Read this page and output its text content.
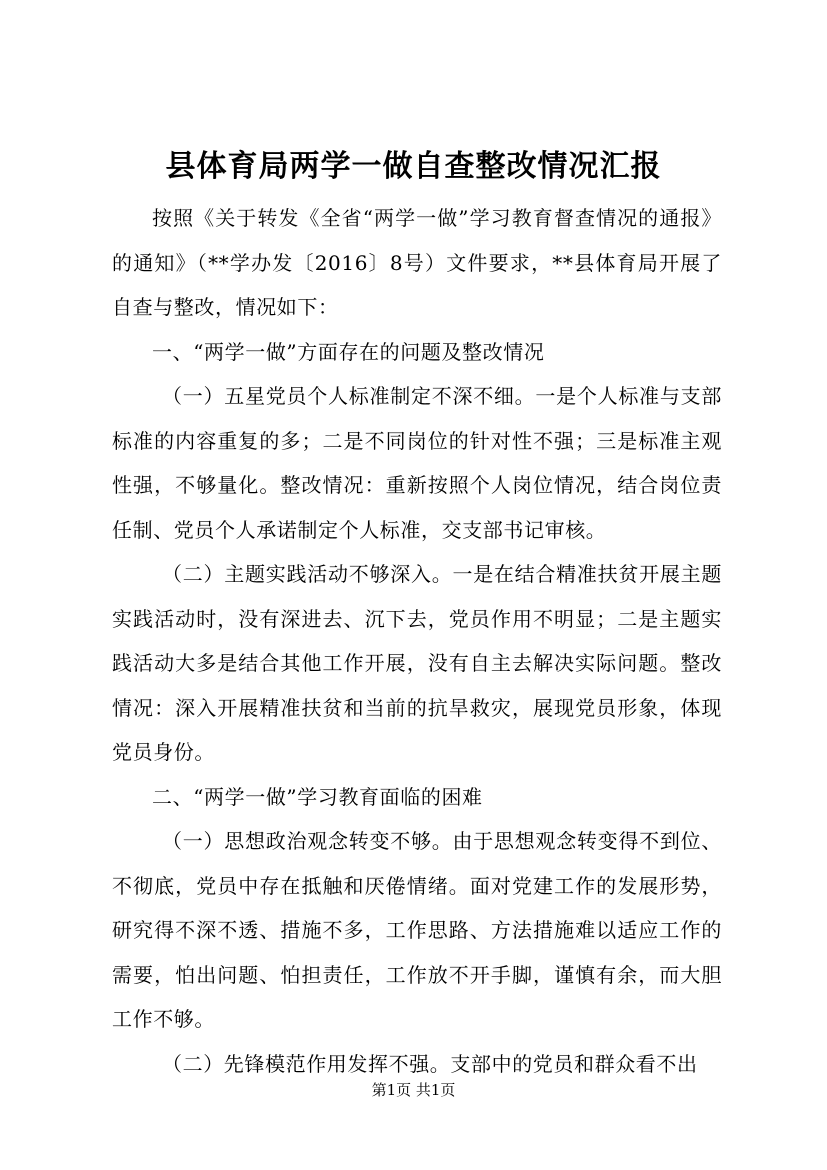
县体育局两学一做自查整改情况汇报

按照《关于转发《全省“两学一做”学习教育督查情况的通报》的通知》（**学办发〔2016〕8号）文件要求，**县体育局开展了自查与整改，情况如下：

一、“两学一做”方面存在的问题及整改情况

（一）五星党员个人标准制定不深不细。一是个人标准与支部标准的内容重复的多；二是不同岗位的针对性不强；三是标准主观性强，不够量化。整改情况：重新按照个人岗位情况，结合岗位责任制、党员个人承诺制定个人标准，交支部书记审核。

（二）主题实践活动不够深入。一是在结合精准扶贫开展主题实践活动时，没有深进去、沉下去，党员作用不明显；二是主题实践活动大多是结合其他工作开展，没有自主去解决实际问题。整改情况：深入开展精准扶贫和当前的抗旱救灾，展现党员形象，体现党员身份。

二、“两学一做”学习教育面临的困难

（一）思想政治观念转变不够。由于思想观念转变得不到位、不彻底，党员中存在抵触和厌倦情绪。面对党建工作的发展形势，研究得不深不透、措施不多，工作思路、方法措施难以适应工作的需要，怕出问题、怕担责任，工作放不开手脚，谨慎有余，而大胆工作不够。

（二）先锋模范作用发挥不强。支部中的党员和群众看不出

第1页 共1页
